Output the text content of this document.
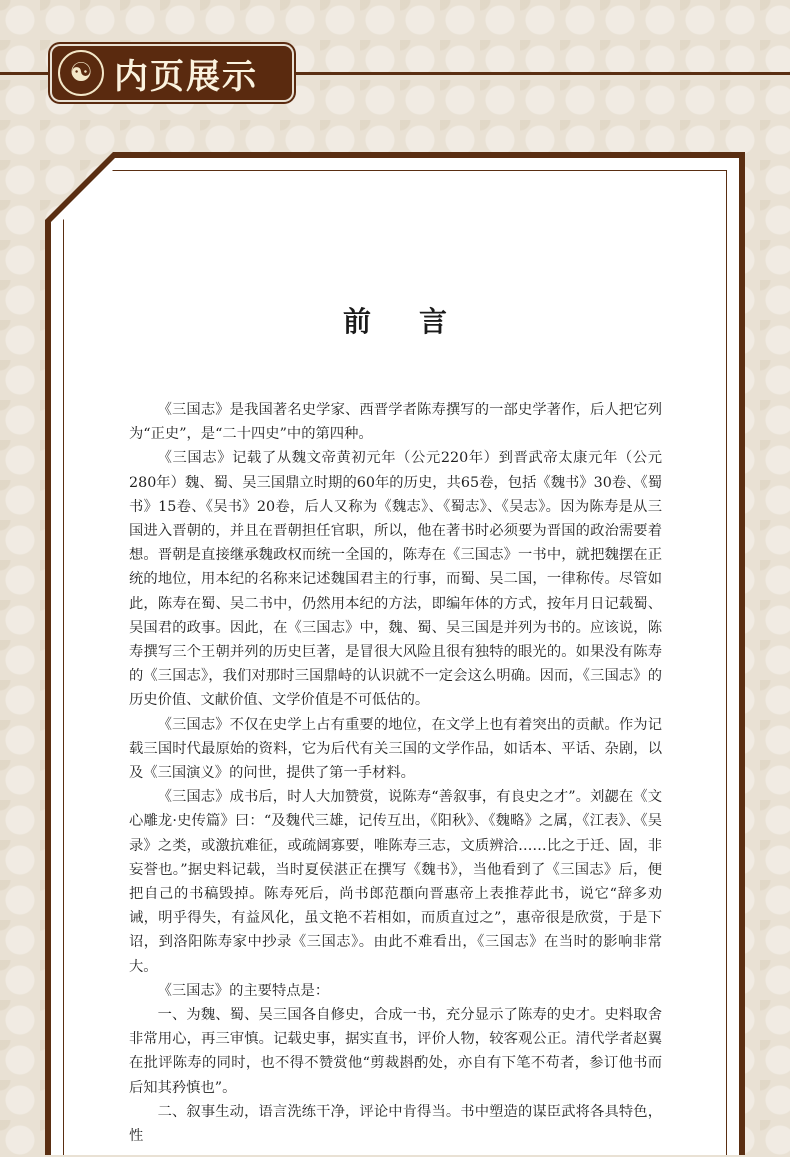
☯ 内页展示
前言

《三国志》是我国著名史学家、西晋学者陈寿撰写的一部史学著作，后人把它列为“正史”，是“二十四史”中的第四种。

《三国志》记载了从魏文帝黄初元年（公元220年）到晋武帝太康元年（公元280年）魏、蜀、吴三国鼎立时期的60年的历史，共65卷，包括《魏书》30卷、《蜀书》15卷、《吴书》20卷，后人又称为《魏志》、《蜀志》、《吴志》。因为陈寿是从三国进入晋朝的，并且在晋朝担任官职，所以，他在著书时必须要为晋国的政治需要着想。晋朝是直接继承魏政权而统一全国的，陈寿在《三国志》一书中，就把魏摆在正统的地位，用本纪的名称来记述魏国君主的行事，而蜀、吴二国，一律称传。尽管如此，陈寿在蜀、吴二书中，仍然用本纪的方法，即编年体的方式，按年月日记载蜀、吴国君的政事。因此，在《三国志》中，魏、蜀、吴三国是并列为书的。应该说，陈寿撰写三个王朝并列的历史巨著，是冒很大风险且很有独特的眼光的。如果没有陈寿的《三国志》，我们对那时三国鼎峙的认识就不一定会这么明确。因而，《三国志》的历史价值、文献价值、文学价值是不可低估的。

《三国志》不仅在史学上占有重要的地位，在文学上也有着突出的贡献。作为记载三国时代最原始的资料，它为后代有关三国的文学作品，如话本、平话、杂剧，以及《三国演义》的问世，提供了第一手材料。

《三国志》成书后，时人大加赞赏，说陈寿“善叙事，有良史之才”。刘勰在《文心雕龙·史传篇》曰：“及魏代三雄，记传互出，《阳秋》、《魏略》之属，《江表》、《吴录》之类，或激抗难征，或疏阔寡要，唯陈寿三志，文质辨洽……比之于迁、固，非妄誉也。”据史料记载，当时夏侯湛正在撰写《魏书》，当他看到了《三国志》后，便把自己的书稿毁掉。陈寿死后，尚书郎范頵向晋惠帝上表推荐此书，说它“辞多劝诫，明乎得失，有益风化，虽文艳不若相如，而质直过之”，惠帝很是欣赏，于是下诏，到洛阳陈寿家中抄录《三国志》。由此不难看出，《三国志》在当时的影响非常大。

《三国志》的主要特点是：

一、为魏、蜀、吴三国各自修史，合成一书，充分显示了陈寿的史才。史料取舍非常用心，再三审慎。记载史事，据实直书，评价人物，较客观公正。清代学者赵翼在批评陈寿的同时，也不得不赞赏他“剪裁斟酌处，亦自有下笔不苟者，参订他书而后知其矜慎也”。

二、叙事生动，语言洗练干净，评论中肯得当。书中塑造的谋臣武将各具特色，性
